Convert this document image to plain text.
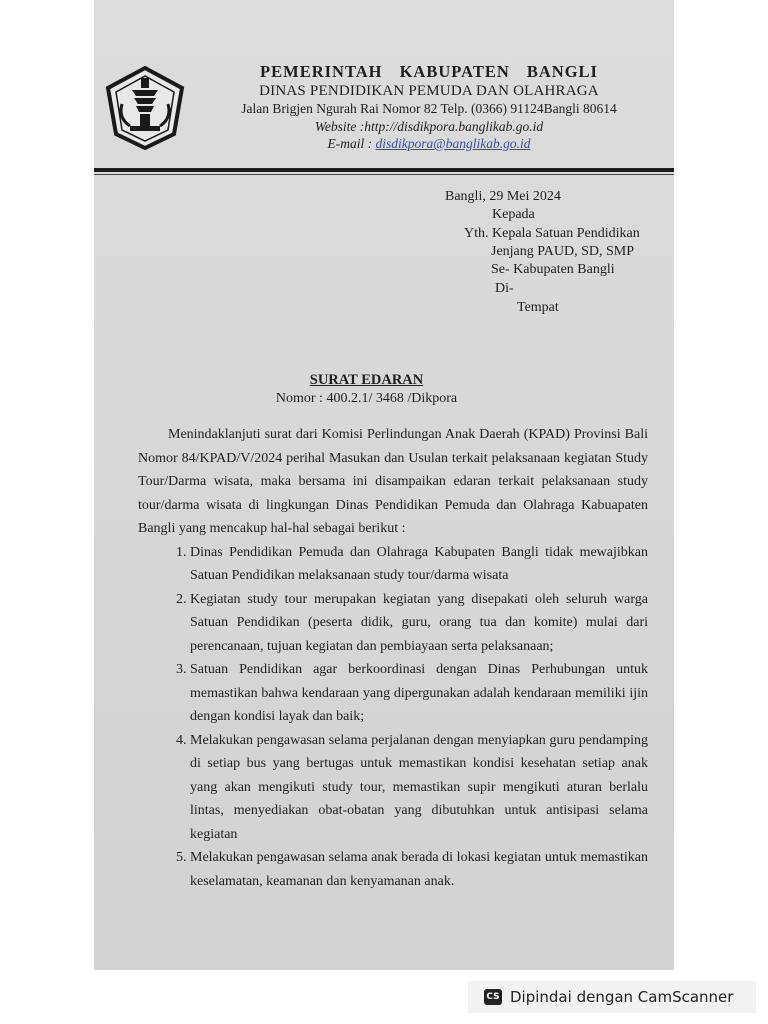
PEMERINTAH KABUPATEN BANGLI
DINAS PENDIDIKAN PEMUDA DAN OLAHRAGA
Jalan Brigjen Ngurah Rai Nomor 82 Telp. (0366) 91124Bangli 80614
Website :http://disdikpora.banglikab.go.id
E-mail : disdikpora@banglikab.go.id
Bangli, 29 Mei 2024
Kepada
Yth. Kepala Satuan Pendidikan
Jenjang PAUD, SD, SMP
Se- Kabupaten Bangli
Di-
Tempat
SURAT EDARAN
Nomor : 400.2.1/ 3468 /Dikpora

Menindaklanjuti surat dari Komisi Perlindungan Anak Daerah (KPAD) Provinsi Bali Nomor 84/KPAD/V/2024 perihal Masukan dan Usulan terkait pelaksanaan kegiatan Study Tour/Darma wisata, maka bersama ini disampaikan edaran terkait pelaksanaan study tour/darma wisata di lingkungan Dinas Pendidikan Pemuda dan Olahraga Kabuapaten Bangli yang mencakup hal-hal sebagai berikut :

1. Dinas Pendidikan Pemuda dan Olahraga Kabupaten Bangli tidak mewajibkan Satuan Pendidikan melaksanaan study tour/darma wisata
2. Kegiatan study tour merupakan kegiatan yang disepakati oleh seluruh warga Satuan Pendidikan (peserta didik, guru, orang tua dan komite) mulai dari perencanaan, tujuan kegiatan dan pembiayaan serta pelaksanaan;
3. Satuan Pendidikan agar berkoordinasi dengan Dinas Perhubungan untuk memastikan bahwa kendaraan yang dipergunakan adalah kendaraan memiliki ijin dengan kondisi layak dan baik;
4. Melakukan pengawasan selama perjalanan dengan menyiapkan guru pendamping di setiap bus yang bertugas untuk memastikan kondisi kesehatan setiap anak yang akan mengikuti study tour, memastikan supir mengikuti aturan berlalu lintas, menyediakan obat-obatan yang dibutuhkan untuk antisipasi selama kegiatan
5. Melakukan pengawasan selama anak berada di lokasi kegiatan untuk memastikan keselamatan, keamanan dan kenyamanan anak.
CS Dipindai dengan CamScanner
